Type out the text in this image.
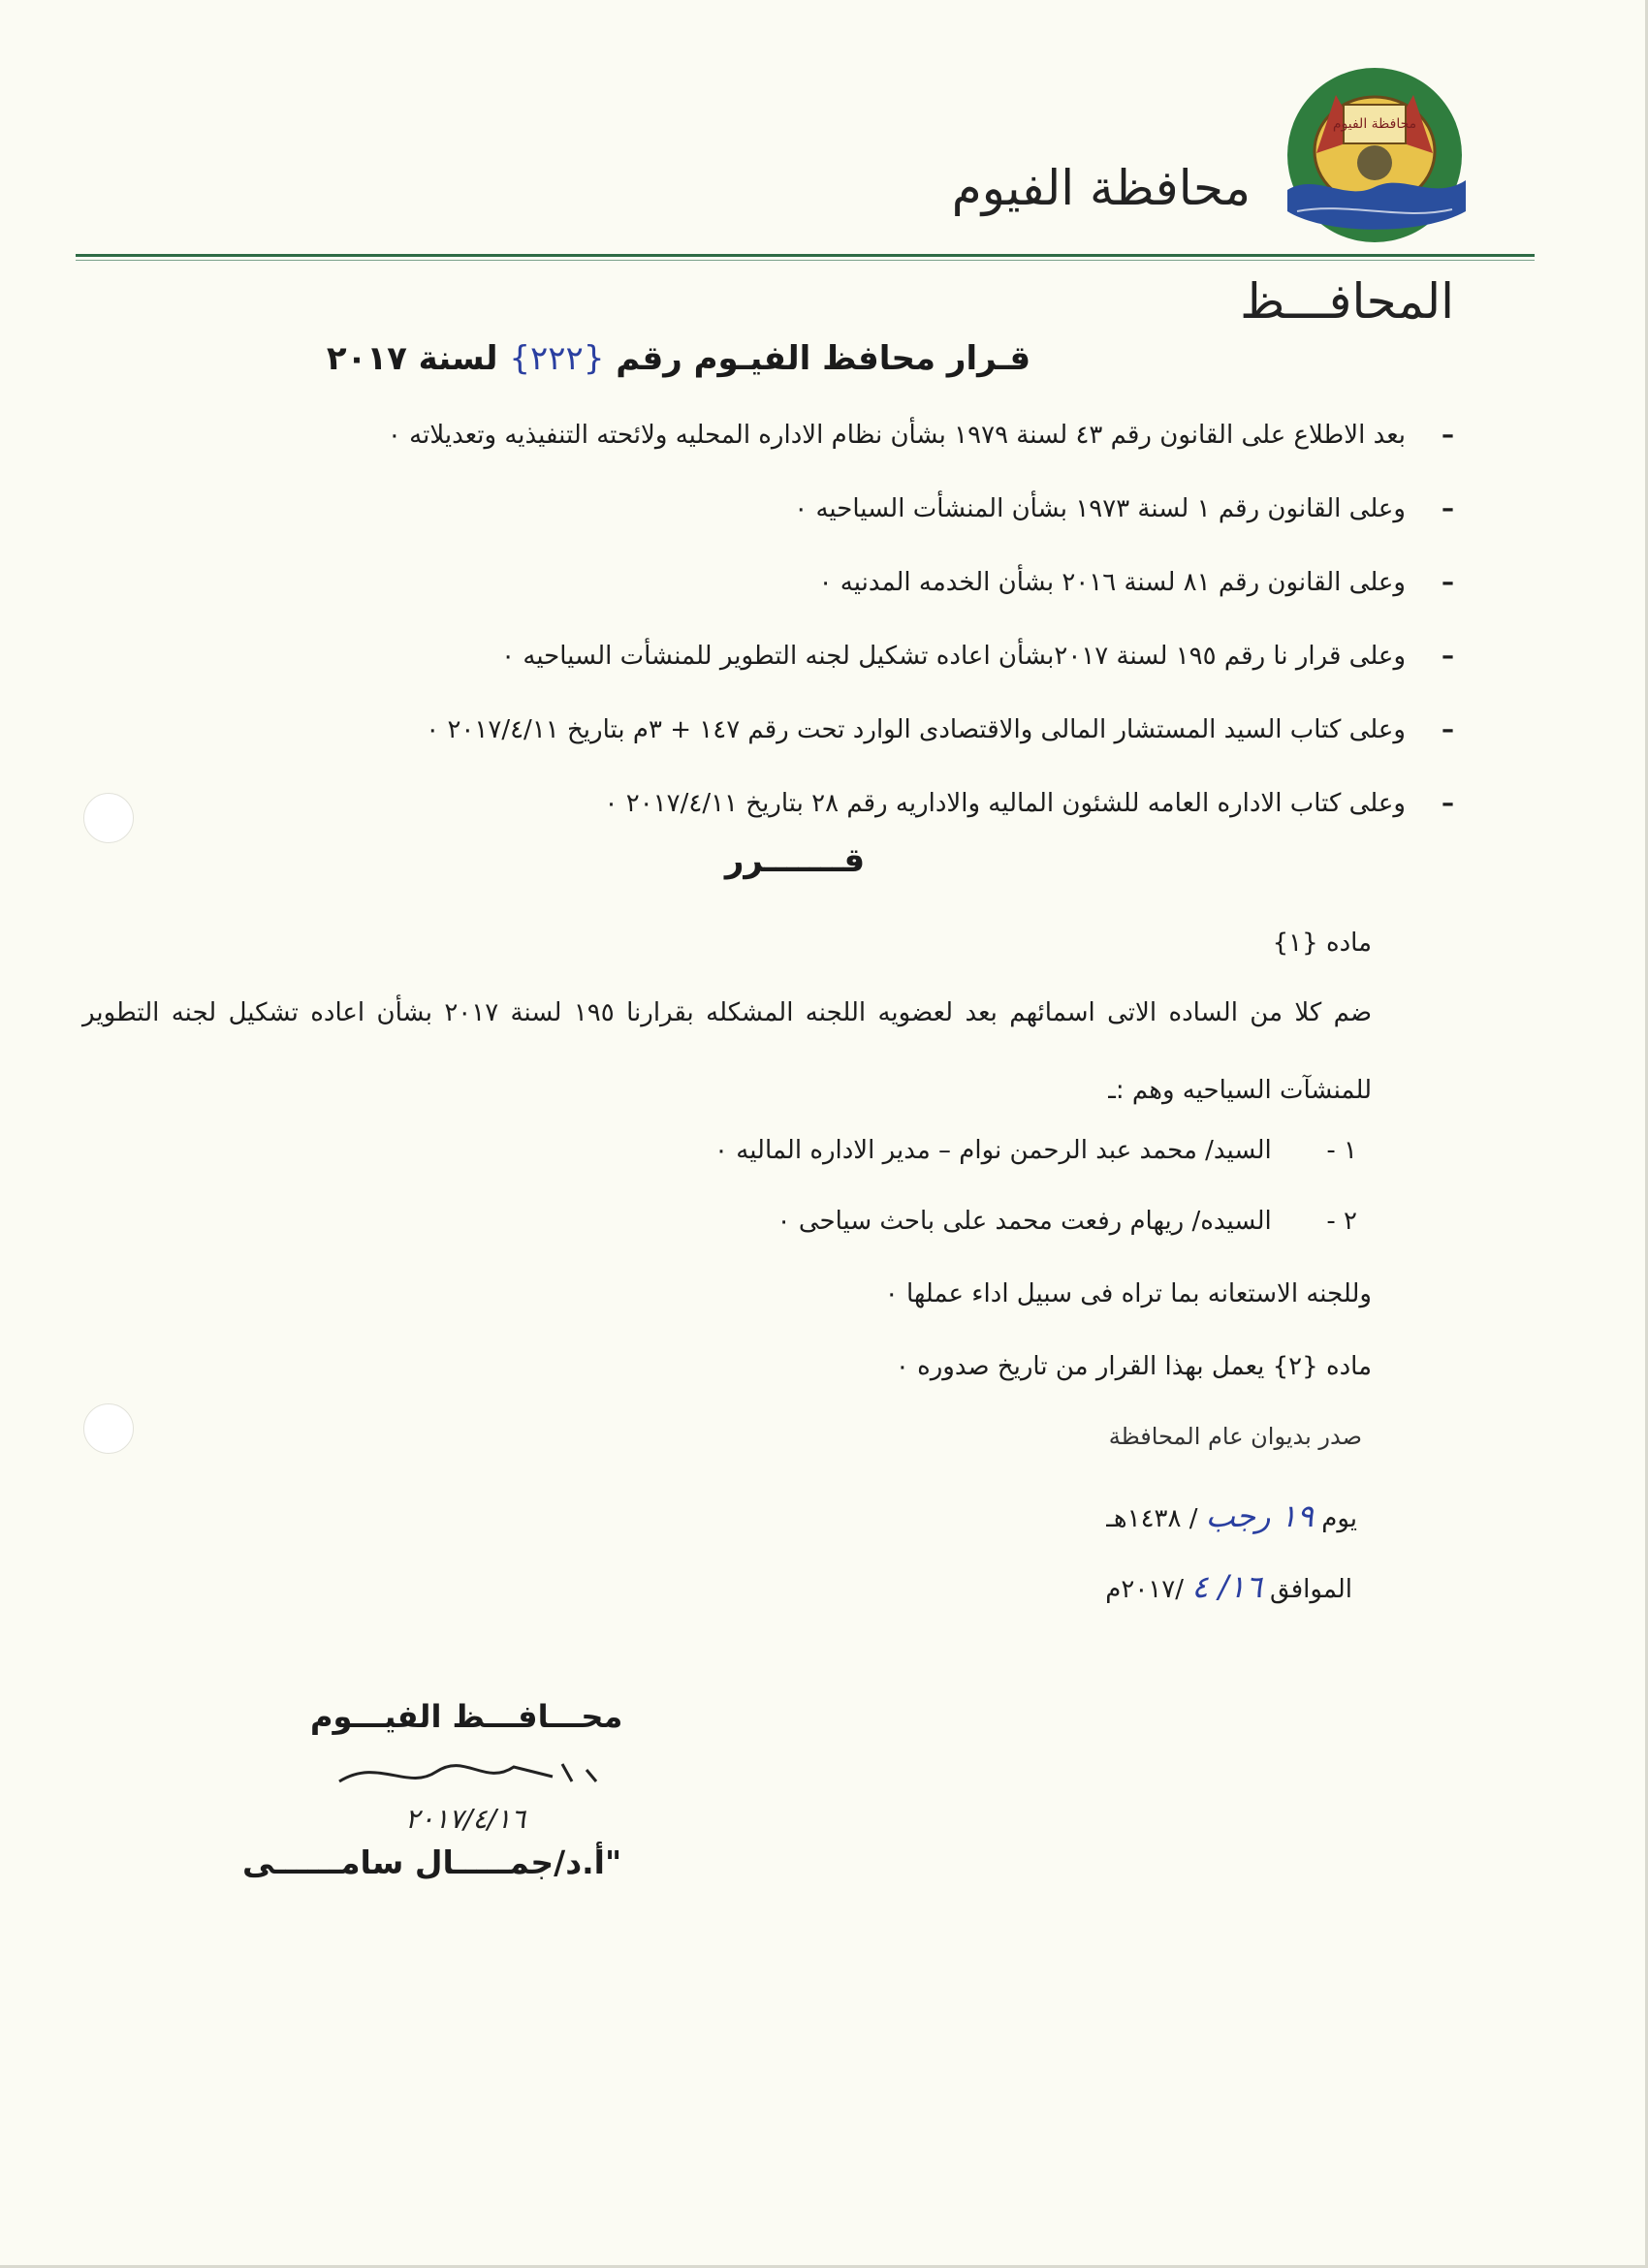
محافظة الفيوم
محافظة الفيوم
المحافـــظ
قـرار محافظ الفيـوم رقم {٢٢٢} لسنة ٢٠١٧
–
بعد الاطلاع على القانون رقم ٤٣ لسنة ١٩٧٩ بشأن نظام الاداره المحليه ولائحته التنفيذيه وتعديلاته ٠
–
وعلى القانون رقم ١ لسنة ١٩٧٣ بشأن المنشأت السياحيه ٠
–
وعلى القانون رقم ٨١ لسنة ٢٠١٦ بشأن الخدمه المدنيه ٠
–
وعلى قرار نا رقم ١٩٥ لسنة ٢٠١٧بشأن اعاده تشكيل لجنه التطوير للمنشأت السياحيه ٠
–
وعلى كتاب السيد المستشار المالى والاقتصادى الوارد تحت رقم ١٤٧ + ٣م بتاريخ ٢٠١٧/٤/١١ ٠
–
وعلى كتاب الاداره العامه للشئون الماليه والاداريه رقم ٢٨ بتاريخ ٢٠١٧/٤/١١ ٠
قـــــــرر
ماده {١}
ضم كلا من الساده الاتى اسمائهم بعد لعضويه اللجنه المشكله بقرارنا ١٩٥ لسنة ٢٠١٧ بشأن اعاده تشكيل لجنه التطوير للمنشآت السياحيه وهم :ـ
١ - السيد/ محمد عبد الرحمن نوام – مدير الاداره الماليه ٠
٢ - السيده/ ريهام رفعت محمد على باحث سياحى ٠
وللجنه الاستعانه بما تراه فى سبيل اداء عملها ٠
ماده {٢} يعمل بهذا القرار من تاريخ صدوره ٠
صدر بديوان عام المحافظة
يوم ١٩ رجب / ١٤٣٨هـ
الموافق ١٦/ ٤ /٢٠١٧م
محـــافـــظ الفيـــوم
٢٠١٧/٤/١٦
"أ.د/جمـــــال سامــــــى
